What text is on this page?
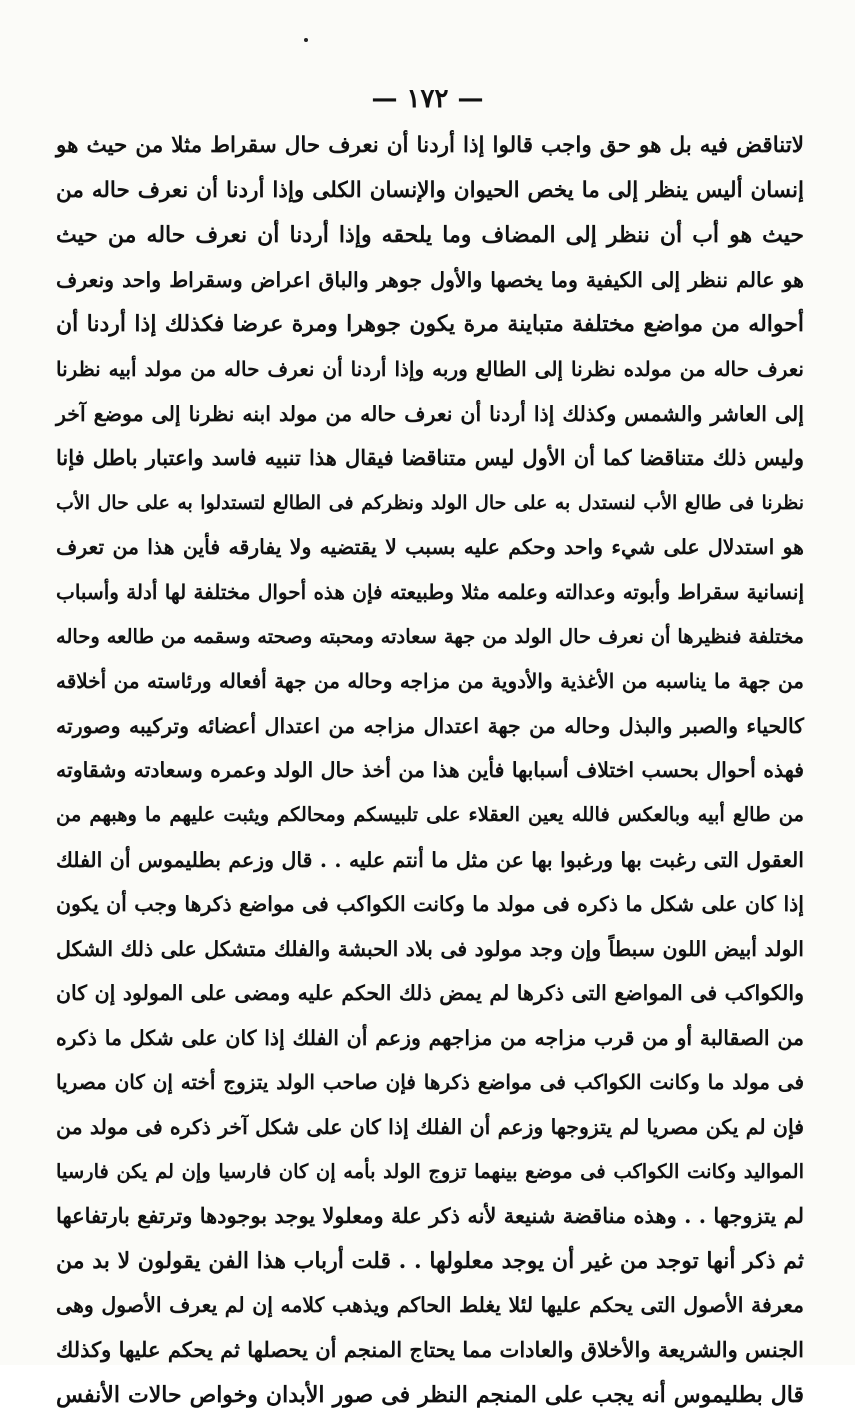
— ١٧٢ —
لاتناقض فيه بل هو حق واجب قالوا إذا أردنا أن نعرف حال سقراط مثلا من حيث هو
إنسان أليس ينظر إلى ما يخص الحيوان والإنسان الكلى وإذا أردنا أن نعرف حاله من
حيث هو أب أن ننظر إلى المضاف وما يلحقه وإذا أردنا أن نعرف حاله من حيث
هو عالم ننظر إلى الكيفية وما يخصها والأول جوهر والباق اعراض وسقراط واحد ونعرف
أحواله من مواضع مختلفة متباينة مرة يكون جوهرا ومرة عرضا فكذلك إذا أردنا أن
نعرف حاله من مولده نظرنا إلى الطالع وربه وإذا أردنا أن نعرف حاله من مولد أبيه نظرنا
إلى العاشر والشمس وكذلك إذا أردنا أن نعرف حاله من مولد ابنه نظرنا إلى موضع آخر
وليس ذلك متناقضا كما أن الأول ليس متناقضا فيقال هذا تنبيه فاسد واعتبار باطل فإنا
نظرنا فى طالع الأب لنستدل به على حال الولد ونظركم فى الطالع لتستدلوا به على حال الأب
هو استدلال على شيء واحد وحكم عليه بسبب لا يقتضيه ولا يفارقه فأين هذا من تعرف
إنسانية سقراط وأبوته وعدالته وعلمه مثلا وطبيعته فإن هذه أحوال مختلفة لها أدلة وأسباب
مختلفة فنظيرها أن نعرف حال الولد من جهة سعادته ومحبته وصحته وسقمه من طالعه وحاله
من جهة ما يناسبه من الأغذية والأدوية من مزاجه وحاله من جهة أفعاله ورئاسته من أخلاقه
كالحياء والصبر والبذل وحاله من جهة اعتدال مزاجه من اعتدال أعضائه وتركيبه وصورته
فهذه أحوال بحسب اختلاف أسبابها فأين هذا من أخذ حال الولد وعمره وسعادته وشقاوته
من طالع أبيه وبالعكس فالله يعين العقلاء على تلبيسكم ومحالكم ويثبت عليهم ما وهبهم من
العقول التى رغبت بها ورغبوا بها عن مثل ما أنتم عليه . . قال وزعم بطليموس أن الفلك
إذا كان على شكل ما ذكره فى مولد ما وكانت الكواكب فى مواضع ذكرها وجب أن يكون
الولد أبيض اللون سبطاً وإن وجد مولود فى بلاد الحبشة والفلك متشكل على ذلك الشكل
والكواكب فى المواضع التى ذكرها لم يمض ذلك الحكم عليه ومضى على المولود إن كان
من الصقالبة أو من قرب مزاجه من مزاجهم وزعم أن الفلك إذا كان على شكل ما ذكره
فى مولد ما وكانت الكواكب فى مواضع ذكرها فإن صاحب الولد يتزوج أخته إن كان مصريا
فإن لم يكن مصريا لم يتزوجها وزعم أن الفلك إذا كان على شكل آخر ذكره فى مولد من
المواليد وكانت الكواكب فى موضع بينهما تزوج الولد بأمه إن كان فارسيا وإن لم يكن فارسيا
لم يتزوجها . . وهذه مناقضة شنيعة لأنه ذكر علة ومعلولا يوجد بوجودها وترتفع بارتفاعها
ثم ذكر أنها توجد من غير أن يوجد معلولها . . قلت أرباب هذا الفن يقولون لا بد من
معرفة الأصول التى يحكم عليها لئلا يغلط الحاكم ويذهب كلامه إن لم يعرف الأصول وهى
الجنس والشريعة والأخلاق والعادات مما يحتاج المنجم أن يحصلها ثم يحكم عليها وكذلك
قال بطليموس أنه يجب على المنجم النظر فى صور الأبدان وخواص حالات الأنفس
